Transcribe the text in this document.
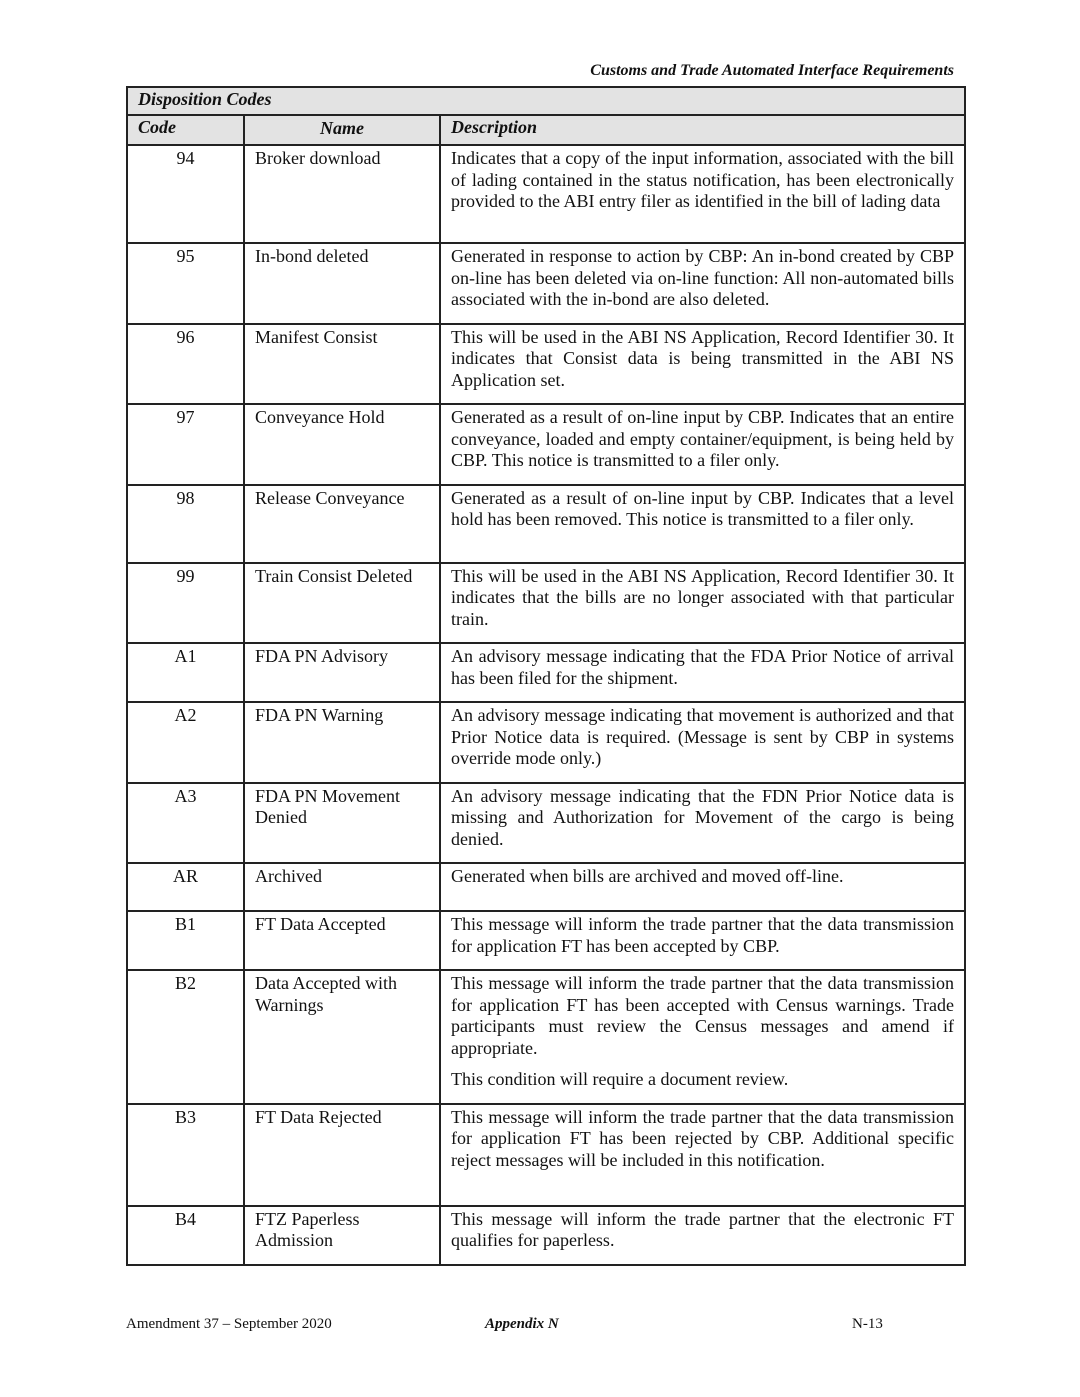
Customs and Trade Automated Interface Requirements
Disposition Codes		
Code	Name	Description
94	Broker download	Indicates that a copy of the input information, associated with the bill of lading contained in the status notification, has been electronically provided to the ABI entry filer as identified in the bill of lading data

95	In-bond deleted	Generated in response to action by CBP: An in-bond created by CBP on-line has been deleted via on-line function: All non-automated bills associated with the in-bond are also deleted.

96	Manifest Consist	This will be used in the ABI NS Application, Record Identifier 30. It indicates that Consist data is being transmitted in the ABI NS Application set.

97	Conveyance Hold	Generated as a result of on-line input by CBP. Indicates that an entire conveyance, loaded and empty container/equipment, is being held by CBP. This notice is transmitted to a filer only.

98	Release Conveyance	Generated as a result of on-line input by CBP. Indicates that a level hold has been removed. This notice is transmitted to a filer only.

99	Train Consist Deleted	This will be used in the ABI NS Application, Record Identifier 30. It indicates that the bills are no longer associated with that particular train.

A1	FDA PN Advisory	An advisory message indicating that the FDA Prior Notice of arrival has been filed for the shipment.

A2	FDA PN Warning	An advisory message indicating that movement is authorized and that Prior Notice data is required. (Message is sent by CBP in systems override mode only.)

A3	FDA PN Movement Denied	An advisory message indicating that the FDN Prior Notice data is missing and Authorization for Movement of the cargo is being denied.

AR	Archived	Generated when bills are archived and moved off-line.

B1	FT Data Accepted	This message will inform the trade partner that the data transmission for application FT has been accepted by CBP.

B2	Data Accepted with Warnings	This message will inform the trade partner that the data transmission for application FT has been accepted with Census warnings. Trade participants must review the Census messages and amend if appropriate.
This condition will require a document review.

B3	FT Data Rejected	This message will inform the trade partner that the data transmission for application FT has been rejected by CBP. Additional specific reject messages will be included in this notification.

B4	FTZ Paperless Admission	This message will inform the trade partner that the electronic FT qualifies for paperless.
Amendment 37 – September 2020	Appendix N	N-13
